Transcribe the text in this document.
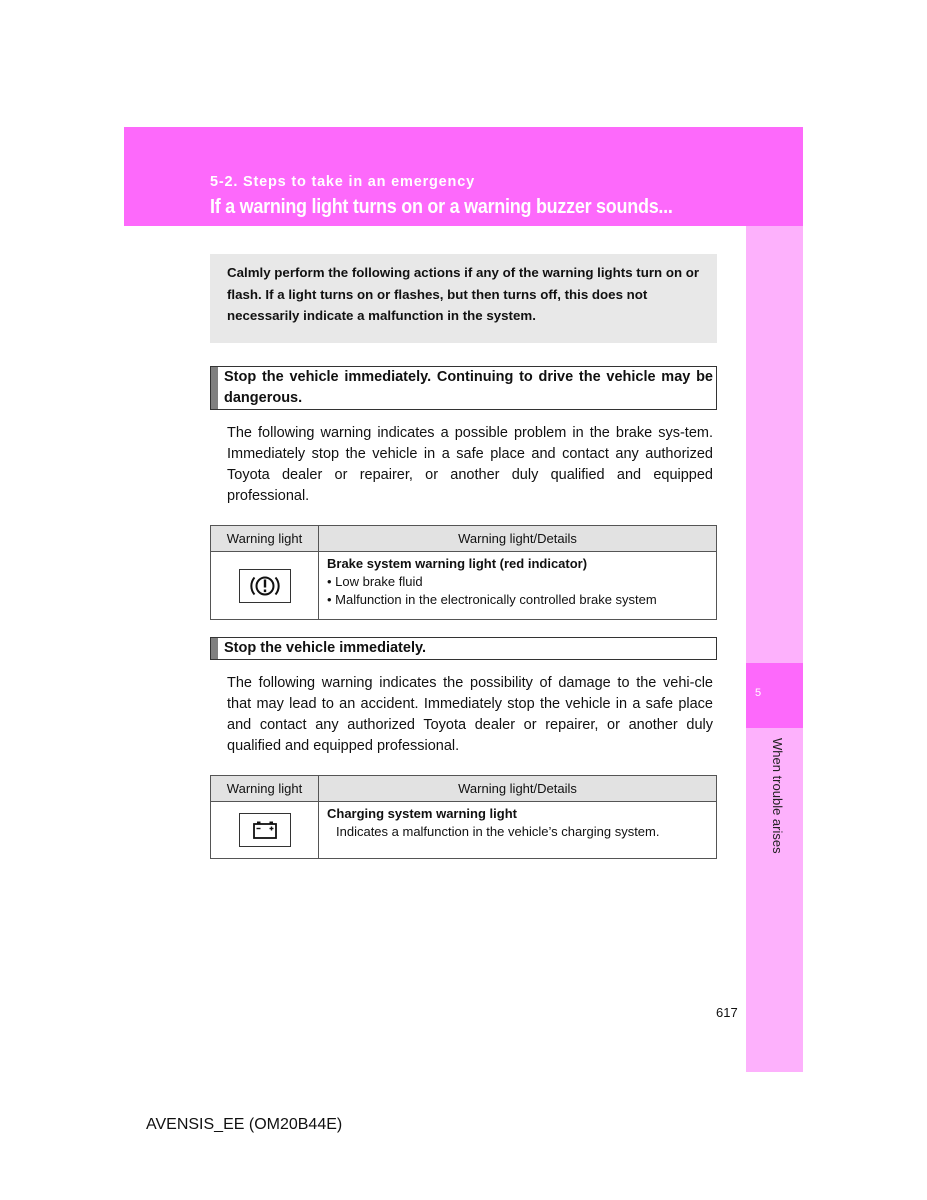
5-2. Steps to take in an emergency
If a warning light turns on or a warning buzzer sounds...
5
When trouble arises
Calmly perform the following actions if any of the warning lights turn on or flash. If a light turns on or flashes, but then turns off, this does not necessarily indicate a malfunction in the system.
Stop the vehicle immediately. Continuing to drive the vehicle may be dangerous.
The following warning indicates a possible problem in the brake sys-tem. Immediately stop the vehicle in a safe place and contact any authorized Toyota dealer or repairer, or another duly qualified and equipped professional.
Warning light	Warning light/Details

Brake system warning light (red indicator)
• Low brake fluid
• Malfunction in the electronically controlled brake system
Stop the vehicle immediately.
The following warning indicates the possibility of damage to the vehi-cle that may lead to an accident. Immediately stop the vehicle in a safe place and contact any authorized Toyota dealer or repairer, or another duly qualified and equipped professional.
Warning light	Warning light/Details

Charging system warning light
Indicates a malfunction in the vehicle’s charging system.
617
AVENSIS_EE (OM20B44E)
